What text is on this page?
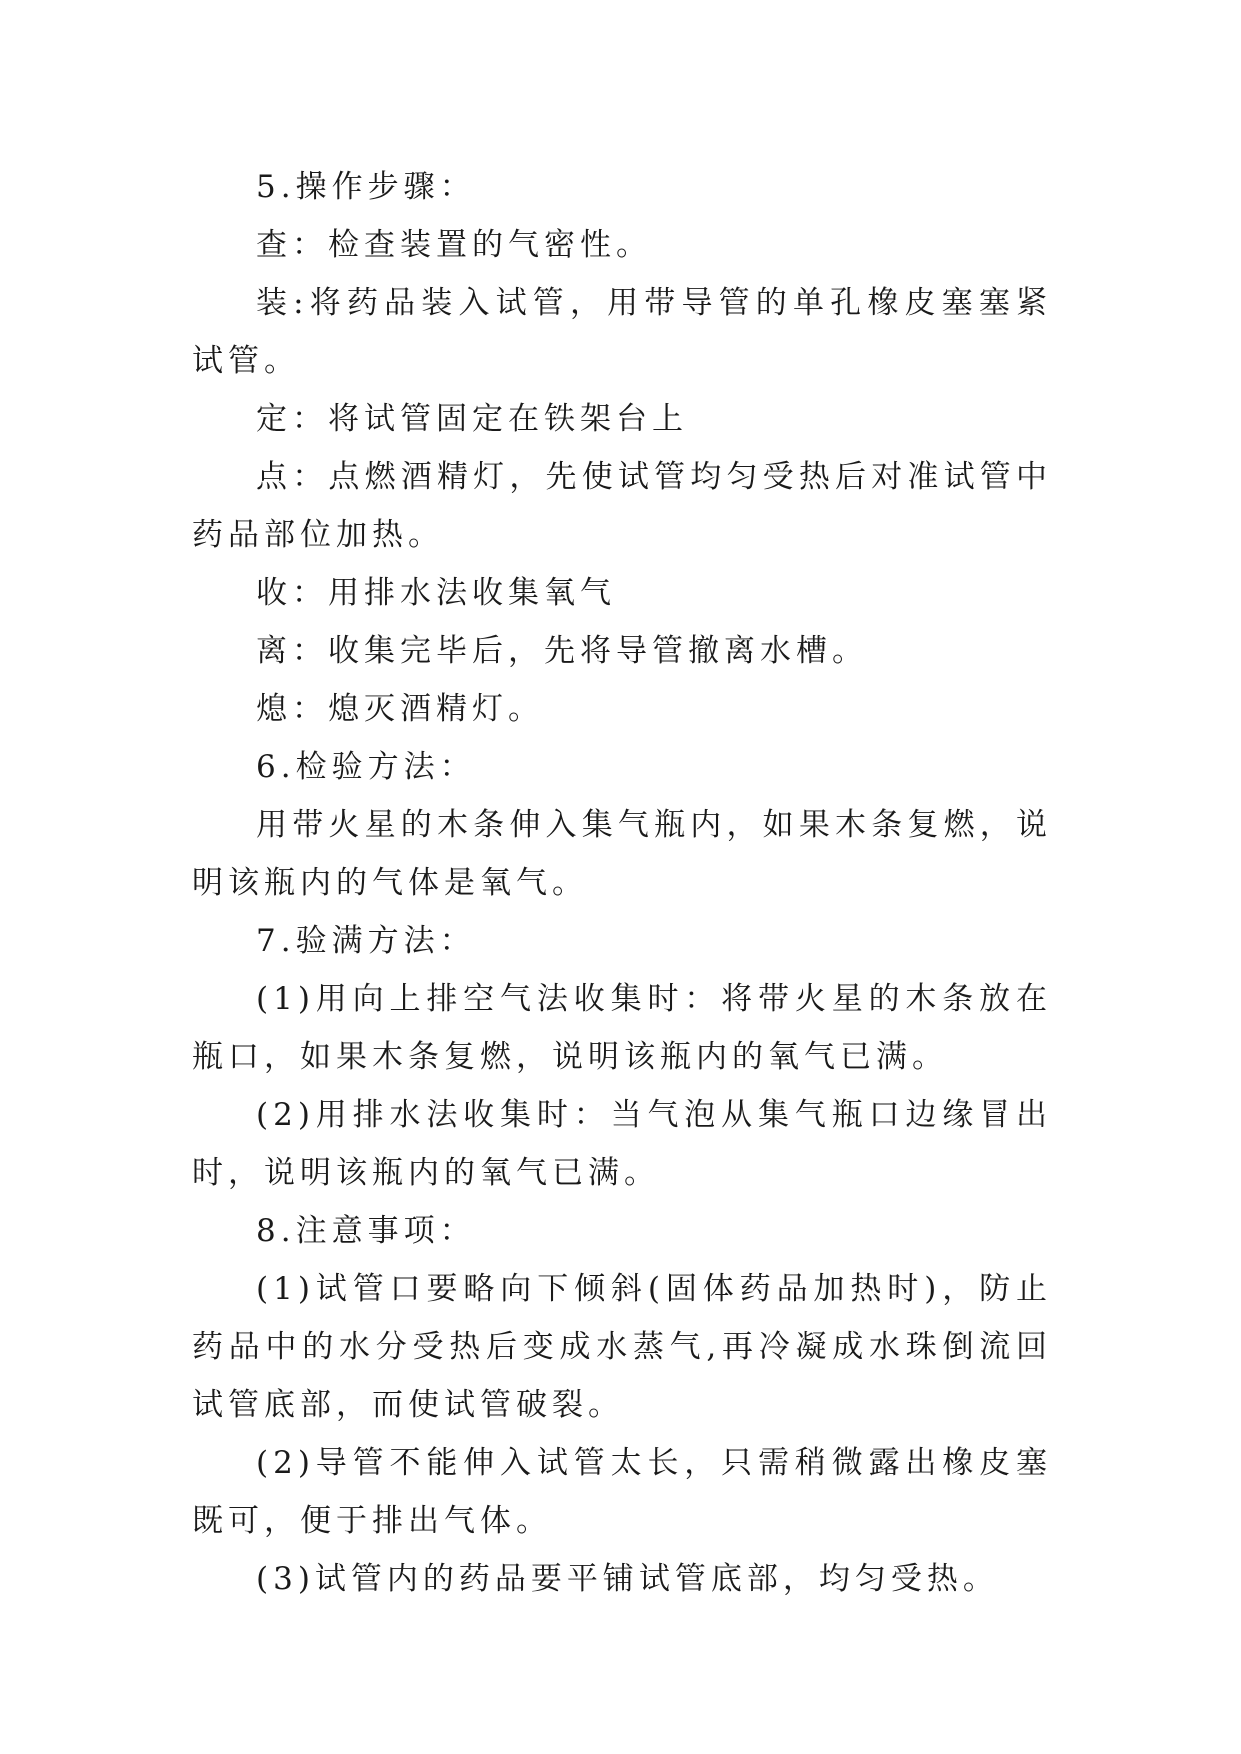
5.操作步骤：

查：检查装置的气密性。

装:将药品装入试管，用带导管的单孔橡皮塞塞紧试管。

定：将试管固定在铁架台上

点：点燃酒精灯，先使试管均匀受热后对准试管中药品部位加热。

收：用排水法收集氧气

离：收集完毕后，先将导管撤离水槽。

熄：熄灭酒精灯。

6.检验方法：

用带火星的木条伸入集气瓶内，如果木条复燃，说明该瓶内的气体是氧气。

7.验满方法：

(1)用向上排空气法收集时：将带火星的木条放在瓶口，如果木条复燃，说明该瓶内的氧气已满。

(2)用排水法收集时：当气泡从集气瓶口边缘冒出时，说明该瓶内的氧气已满。

8.注意事项：

(1)试管口要略向下倾斜(固体药品加热时)，防止药品中的水分受热后变成水蒸气,再冷凝成水珠倒流回试管底部，而使试管破裂。

(2)导管不能伸入试管太长，只需稍微露出橡皮塞既可，便于排出气体。

(3)试管内的药品要平铺试管底部，均匀受热。
